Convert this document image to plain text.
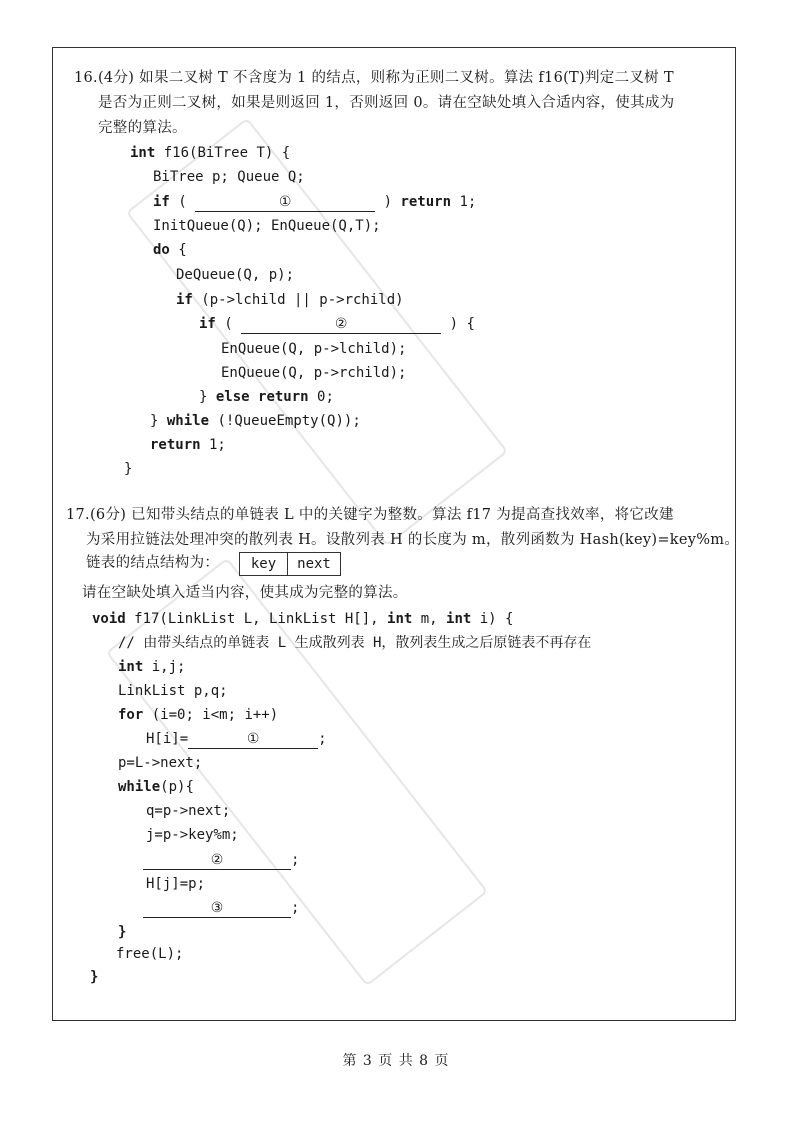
16.(4分) 如果二叉树 T 不含度为 1 的结点，则称为正则二叉树。算法 f16(T)判定二叉树 T
是否为正则二叉树，如果是则返回 1，否则返回 0。请在空缺处填入合适内容，使其成为
完整的算法。
int f16(BiTree T) {
BiTree p; Queue Q;
if (	①	) return 1;
InitQueue(Q); EnQueue(Q,T);
do {
DeQueue(Q, p);
if (p->lchild || p->rchild)
if (	②	) {
EnQueue(Q, p->lchild);
EnQueue(Q, p->rchild);
} else return 0;
} while (!QueueEmpty(Q));
return 1;
}
17.(6分) 已知带头结点的单链表 L 中的关键字为整数。算法 f17 为提高查找效率，将它改建
为采用拉链法处理冲突的散列表 H。设散列表 H 的长度为 m，散列函数为 Hash(key)=key%m。
链表的结点结构为：	key	next
请在空缺处填入适当内容，使其成为完整的算法。
void f17(LinkList L, LinkList H[], int m, int i) {
// 由带头结点的单链表 L 生成散列表 H，散列表生成之后原链表不再存在
int i,j;
LinkList p,q;
for (i=0; i<m; i++)
H[i]=	①	;
p=L->next;
while(p){
q=p->next;
j=p->key%m;
②	;
H[j]=p;
③	;
}
free(L);
}
第 3 页 共 8 页
